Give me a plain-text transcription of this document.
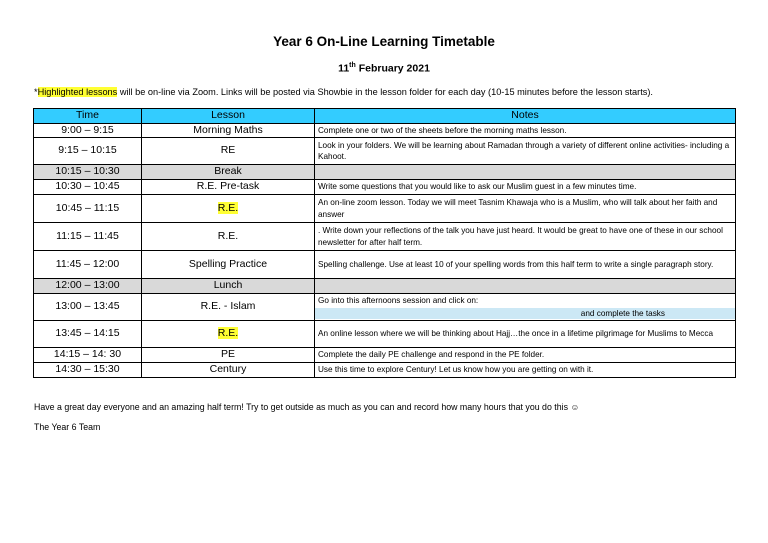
Year 6 On-Line Learning Timetable
11th February 2021
*Highlighted lessons will be on-line via Zoom. Links will be posted via Showbie in the lesson folder for each day (10-15 minutes before the lesson starts).
Time	Lesson	Notes
9:00 – 9:15	Morning Maths	Complete one or two of the sheets before the morning maths lesson.
9:15 – 10:15	RE	Look in your folders. We will be learning about Ramadan through a variety of different online activities- including a Kahoot.
10:15 – 10:30	Break	
10:30 – 10:45	R.E. Pre-task	Write some questions that you would like to ask our Muslim guest in a few minutes time.
10:45 – 11:15	R.E.	An on-line zoom lesson. Today we will meet Tasnim Khawaja who is a Muslim, who will talk about her faith and answer
11:15 – 11:45	R.E.	. Write down your reflections of the talk you have just heard. It would be great to have one of these in our school newsletter for after half term.
11:45 – 12:00	Spelling Practice	Spelling challenge. Use at least 10 of your spelling words from this half term to write a single paragraph story.
12:00 – 13:00	Lunch	
13:00 – 13:45	R.E. - Islam	Go into this afternoons session and click on:
and complete the tasks

13:45 – 14:15	R.E.	An online lesson where we will be thinking about Hajj…the once in a lifetime pilgrimage for Muslims to Mecca
14:15 – 14: 30	PE	Complete the daily PE challenge and respond in the PE folder.
14:30 – 15:30	Century	Use this time to explore Century! Let us know how you are getting on with it.
Have a great day everyone and an amazing half term! Try to get outside as much as you can and record how many hours that you do this ☺
The Year 6 Team
